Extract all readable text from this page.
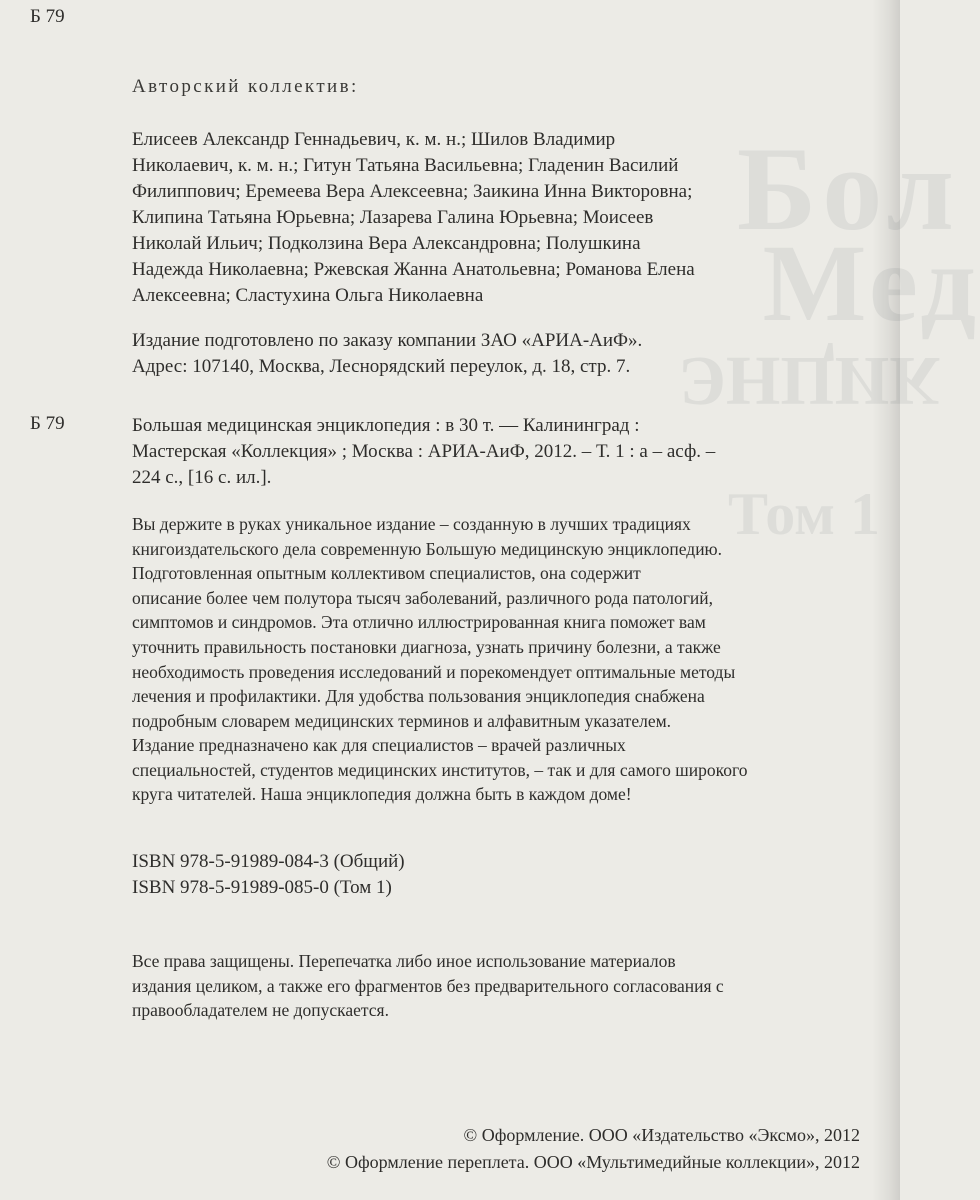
Бол
ЭНЦИК
Том 1
Б 79
Авторский коллектив:
Елисеев Александр Геннадьевич, к. м. н.; Шилов Владимир
Николаевич, к. м. н.; Гитун Татьяна Васильевна; Гладенин Василий
Филиппович; Еремеева Вера Алексеевна; Заикина Инна Викторовна;
Клипина Татьяна Юрьевна; Лазарева Галина Юрьевна; Моисеев
Николай Ильич; Подколзина Вера Александровна; Полушкина
Надежда Николаевна; Ржевская Жанна Анатольевна; Романова Елена
Алексеевна; Сластухина Ольга Николаевна
Издание подготовлено по заказу компании ЗАО «АРИА-АиФ».
Адрес: 107140, Москва, Леснорядский переулок, д. 18, стр. 7.
Б 79	Большая медицинская энциклопедия : в 30 т. — Калининград :
Мастерская «Коллекция» ; Москва : АРИА-АиФ, 2012. – Т. 1 : а – асф. –
224 с., [16 с. ил.].
Вы держите в руках уникальное издание – созданную в лучших традициях
книгоиздательского дела современную Большую медицинскую энциклопедию.
Подготовленная опытным коллективом специалистов, она содержит
описание более чем полутора тысяч заболеваний, различного рода патологий,
симптомов и синдромов. Эта отлично иллюстрированная книга поможет вам
уточнить правильность постановки диагноза, узнать причину болезни, а также
необходимость проведения исследований и порекомендует оптимальные методы
лечения и профилактики. Для удобства пользования энциклопедия снабжена
подробным словарем медицинских терминов и алфавитным указателем.
Издание предназначено как для специалистов – врачей различных
специальностей, студентов медицинских институтов, – так и для самого широкого
круга читателей. Наша энциклопедия должна быть в каждом доме!
ISBN 978-5-91989-084-3 (Общий)
ISBN 978-5-91989-085-0 (Том 1)
Все права защищены. Перепечатка либо иное использование материалов
издания целиком, а также его фрагментов без предварительного согласования с
правообладателем не допускается.
© Оформление. ООО «Издательство «Эксмо», 2012
© Оформление переплета. ООО «Мультимедийные коллекции», 2012
